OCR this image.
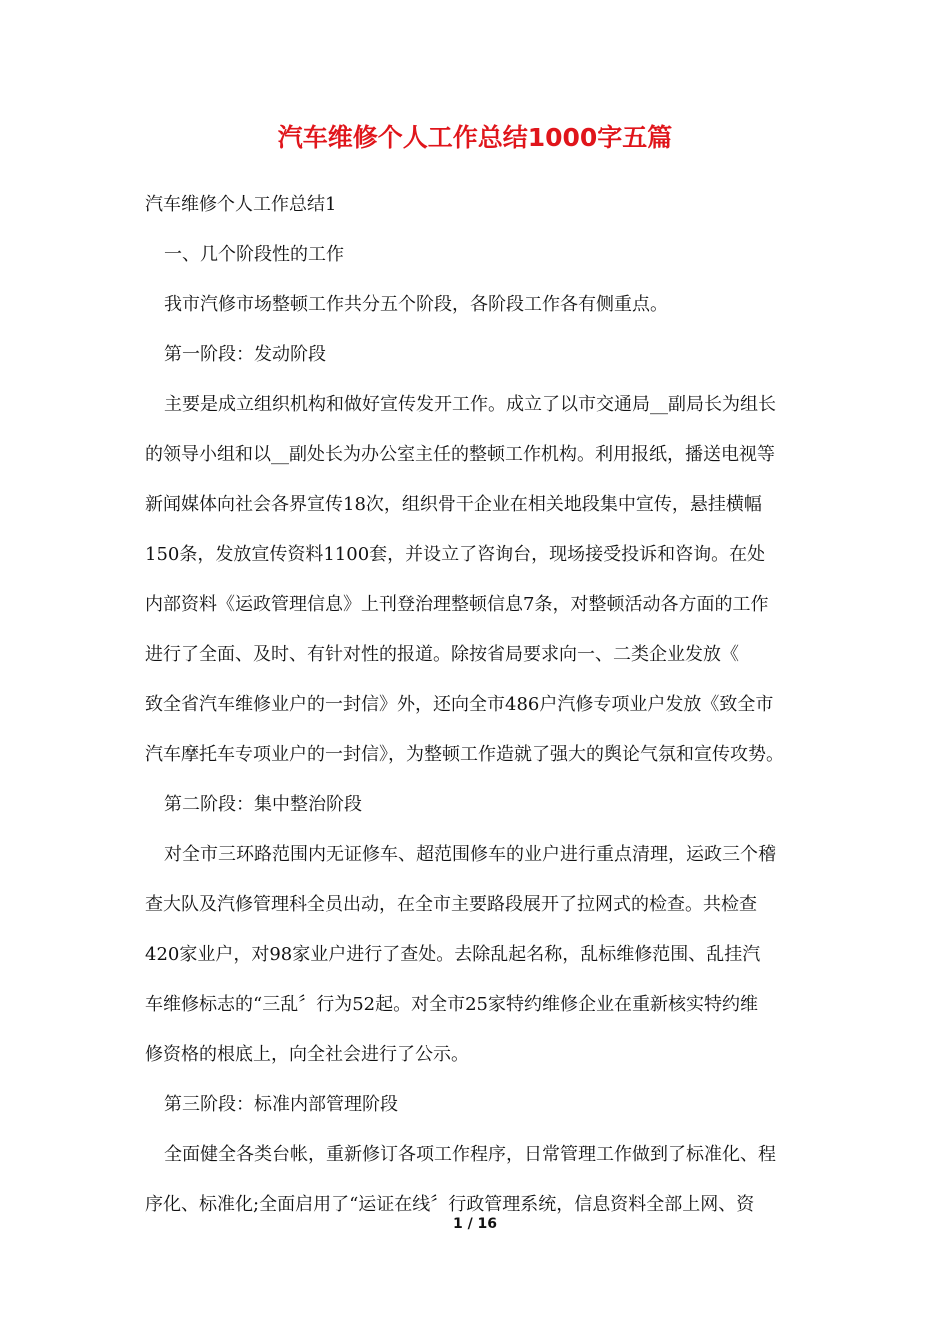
汽车维修个人工作总结1000字五篇
汽车维修个人工作总结1
一、几个阶段性的工作
我市汽修市场整顿工作共分五个阶段，各阶段工作各有侧重点。
第一阶段：发动阶段
主要是成立组织机构和做好宣传发开工作。成立了以市交通局__副局长为组长
的领导小组和以__副处长为办公室主任的整顿工作机构。利用报纸，播送电视等
新闻媒体向社会各界宣传18次，组织骨干企业在相关地段集中宣传，悬挂横幅
150条，发放宣传资料1100套，并设立了咨询台，现场接受投诉和咨询。在处
内部资料《运政管理信息》上刊登治理整顿信息7条，对整顿活动各方面的工作
进行了全面、及时、有针对性的报道。除按省局要求向一、二类企业发放《
致全省汽车维修业户的一封信》外，还向全市486户汽修专项业户发放《致全市
汽车摩托车专项业户的一封信》，为整顿工作造就了强大的舆论气氛和宣传攻势。
第二阶段：集中整治阶段
对全市三环路范围内无证修车、超范围修车的业户进行重点清理，运政三个稽
查大队及汽修管理科全员出动，在全市主要路段展开了拉网式的检查。共检查
420家业户，对98家业户进行了查处。去除乱起名称，乱标维修范围、乱挂汽
车维修标志的“三乱〞行为52起。对全市25家特约维修企业在重新核实特约维
修资格的根底上，向全社会进行了公示。
第三阶段：标准内部管理阶段
全面健全各类台帐，重新修订各项工作程序，日常管理工作做到了标准化、程
序化、标准化;全面启用了“运证在线〞行政管理系统，信息资料全部上网、资
1 / 16
